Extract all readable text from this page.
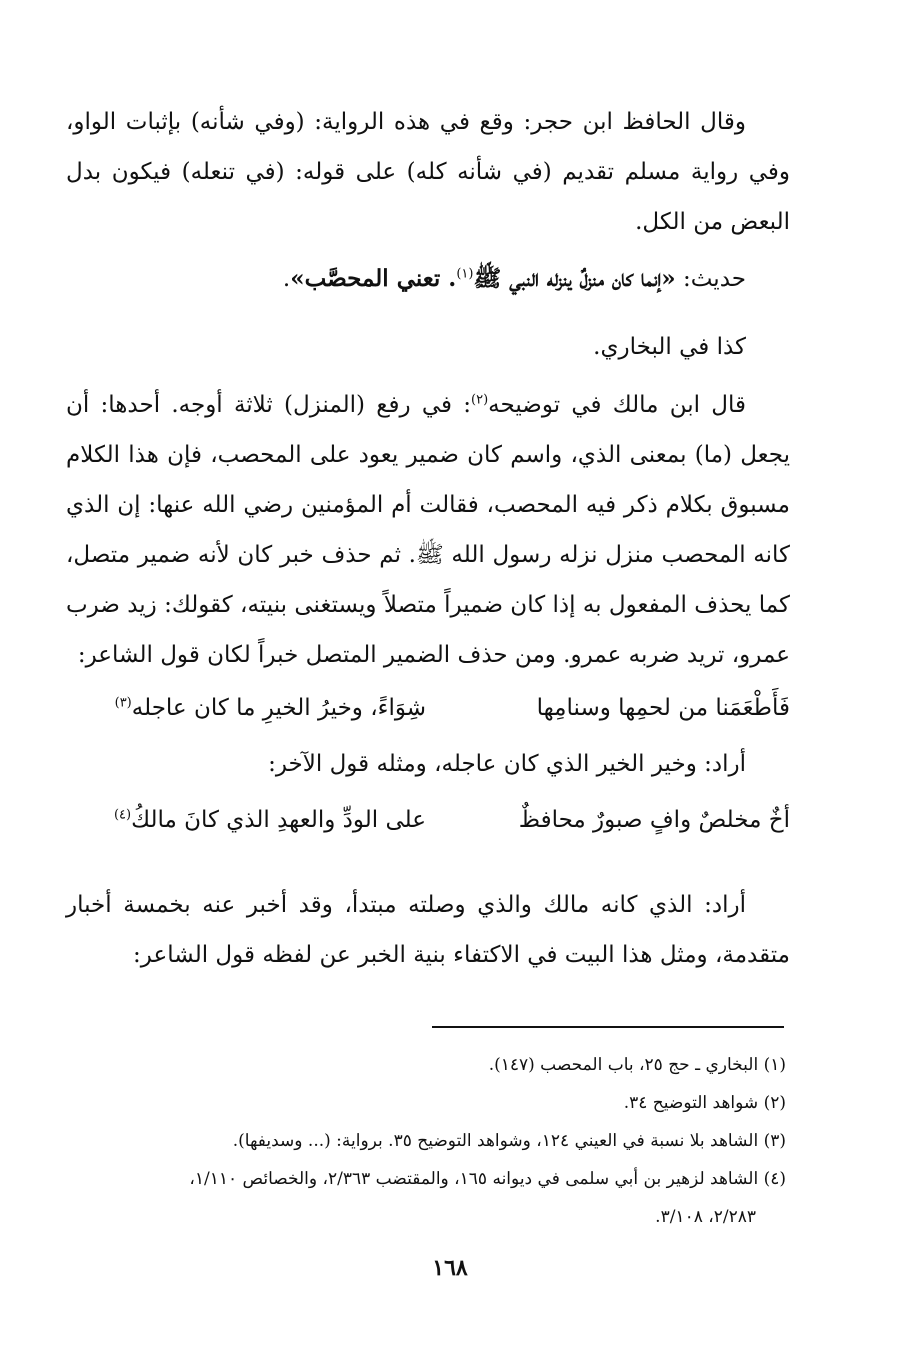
وقال الحافظ ابن حجر: وقع في هذه الرواية: (وفي شأنه) بإثبات الواو، وفي رواية مسلم تقديم (في شأنه كله) على قوله: (في تنعله) فيكون بدل البعض من الكل.

حديث: «إنما كان منزلٌ ينزله النبي ﷺ$^{(١)}$. تعني المحصَّب».

كذا في البخاري.

قال ابن مالك في توضيحه$^{(٢)}$: في رفع (المنزل) ثلاثة أوجه. أحدها: أن يجعل (ما) بمعنى الذي، واسم كان ضمير يعود على المحصب، فإن هذا الكلام مسبوق بكلام ذكر فيه المحصب، فقالت أم المؤمنين رضي الله عنها: إن الذي كانه المحصب منزل نزله رسول الله ﷺ. ثم حذف خبر كان لأنه ضمير متصل، كما يحذف المفعول به إذا كان ضميراً متصلاً ويستغنى بنيته، كقولك: زيد ضرب عمرو، تريد ضربه عمرو. ومن حذف الضمير المتصل خبراً لكان قول الشاعر:

فَأَطْعَمَنا من لحمِها وسنامِها
شِوَاءً، وخيرُ الخيرِ ما كان عاجله$^{(٣)}$
أراد: وخير الخير الذي كان عاجله، ومثله قول الآخر:
أخٌ مخلصٌ وافٍ صبورٌ محافظٌ
على الودِّ والعهدِ الذي كانَ مالكُ$^{(٤)}$

أراد: الذي كانه مالك والذي وصلته مبتدأ، وقد أخبر عنه بخمسة أخبار متقدمة، ومثل هذا البيت في الاكتفاء بنية الخبر عن لفظه قول الشاعر:

(١) البخاري ـ حج ٢٥، باب المحصب (١٤٧).

(٢) شواهد التوضيح ٣٤.

(٣) الشاهد بلا نسبة في العيني ١٢٤، وشواهد التوضيح ٣٥. برواية: (... وسديفها).

(٤) الشاهد لزهير بن أبي سلمى في ديوانه ١٦٥، والمقتضب ٢/٣٦٣، والخصائص ١/١١٠،

٢/٢٨٣، ٣/١٠٨.

١٦٨
